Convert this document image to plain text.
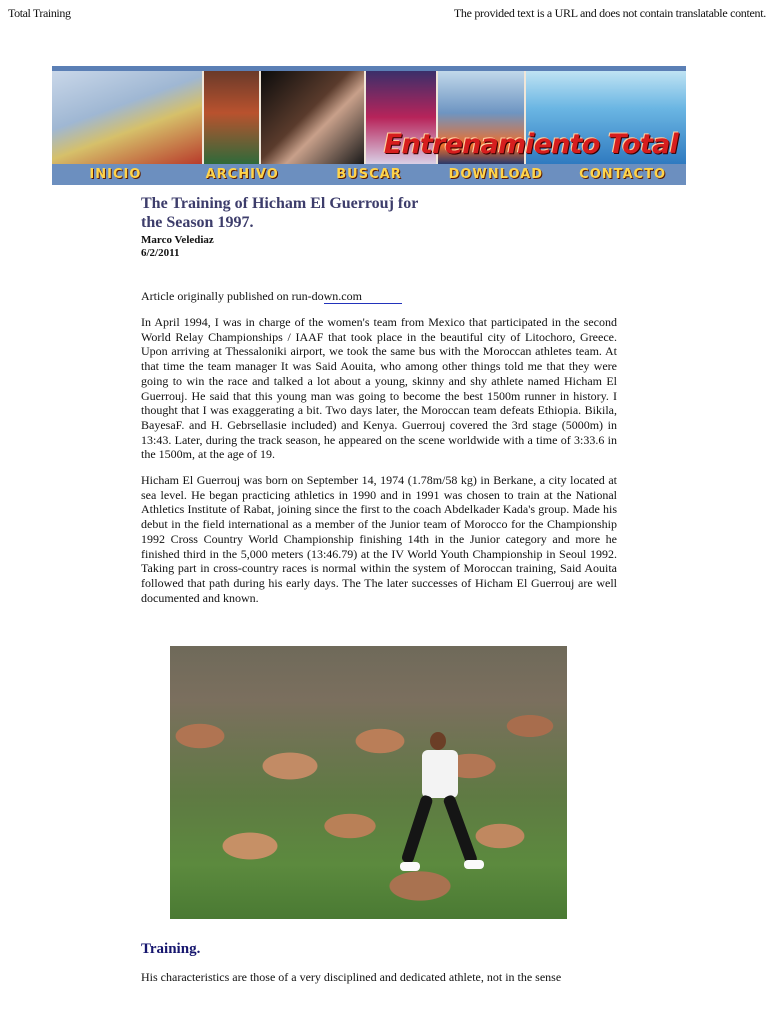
Total Training	The provided text is a URL and does not contain translatable content.
Entrenamiento Total
INICIO	ARCHIVO	BUSCAR	DOWNLOAD	CONTACTO
The Training of Hicham El Guerrouj for the Season 1997.
Marco Velediaz
6/2/2011
Article originally published on run-down.com

In April 1994, I was in charge of the women's team from Mexico that participated in the second World Relay Championships / IAAF that took place in the beautiful city of Litochoro, Greece. Upon arriving at Thessaloniki airport, we took the same bus with the Moroccan athletes team. At that time the team manager It was Said Aouita, who among other things told me that they were going to win the race and talked a lot about a young, skinny and shy athlete named Hicham El Guerrouj. He said that this young man was going to become the best 1500m runner in history. I thought that I was exaggerating a bit. Two days later, the Moroccan team defeats Ethiopia. Bikila, BayesaF. and H. Gebrsellasie included) and Kenya. Guerrouj covered the 3rd stage (5000m) in 13:43. Later, during the track season, he appeared on the scene worldwide with a time of 3:33.6 in the 1500m, at the age of 19.

Hicham El Guerrouj was born on September 14, 1974 (1.78m/58 kg) in Berkane, a city located at sea level. He began practicing athletics in 1990 and in 1991 was chosen to train at the National Athletics Institute of Rabat, joining since the first to the coach Abdelkader Kada's group. Made his debut in the field international as a member of the Junior team of Morocco for the Championship 1992 Cross Country World Championship finishing 14th in the Junior category and more he finished third in the 5,000 meters (13:46.79) at the IV World Youth Championship in Seoul 1992. Taking part in cross-country races is normal within the system of Moroccan training, Said Aouita followed that path during his early days. The The later successes of Hicham El Guerrouj are well documented and known.

Training.

His characteristics are those of a very disciplined and dedicated athlete, not in the sense
